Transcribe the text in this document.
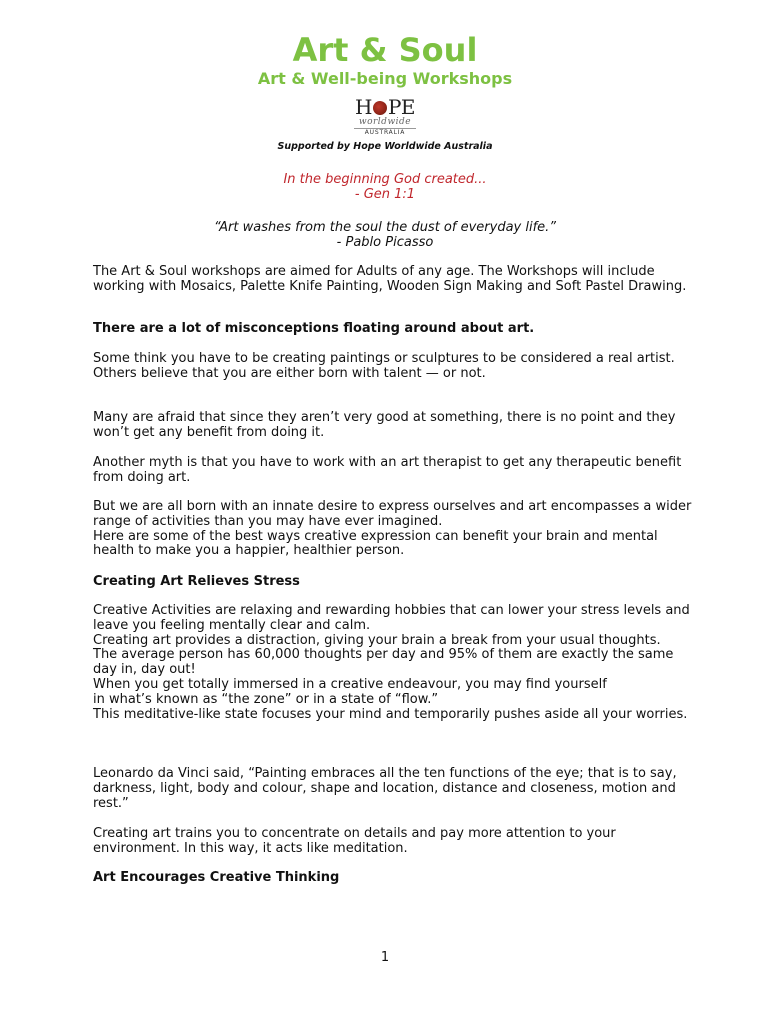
Art & Soul
Art & Well-being Workshops
H PE
worldwide
AUSTRALIA

Supported by Hope Worldwide Australia

In the beginning God created...
- Gen 1:1
“Art washes from the soul the dust of everyday life.”
- Pablo Picasso

The Art & Soul workshops are aimed for Adults of any age. The Workshops will include working with Mosaics, Palette Knife Painting, Wooden Sign Making and Soft Pastel Drawing.

There are a lot of misconceptions floating around about art.

Some think you have to be creating paintings or sculptures to be considered a real artist.

Others believe that you are either born with talent — or not.

Many are afraid that since they aren’t very good at something, there is no point and they won’t get any benefit from doing it.

Another myth is that you have to work with an art therapist to get any therapeutic benefit from doing art.

But we are all born with an innate desire to express ourselves and art encompasses a wider range of activities than you may have ever imagined.

Here are some of the best ways creative expression can benefit your brain and mental health to make you a happier, healthier person.

Creating Art Relieves Stress

Creative Activities are relaxing and rewarding hobbies that can lower your stress levels and leave you feeling mentally clear and calm.

Creating art provides a distraction, giving your brain a break from your usual thoughts.

The average person has 60,000 thoughts per day and 95% of them are exactly the same day in, day out!

When you get totally immersed in a creative endeavour, you may find yourself

in what’s known as “the zone” or in a state of “flow.”

This meditative-like state focuses your mind and temporarily pushes aside all your worries.

Leonardo da Vinci said, “Painting embraces all the ten functions of the eye; that is to say, darkness, light, body and colour, shape and location, distance and closeness, motion and rest.”

Creating art trains you to concentrate on details and pay more attention to your environment. In this way, it acts like meditation.

Art Encourages Creative Thinking
1
